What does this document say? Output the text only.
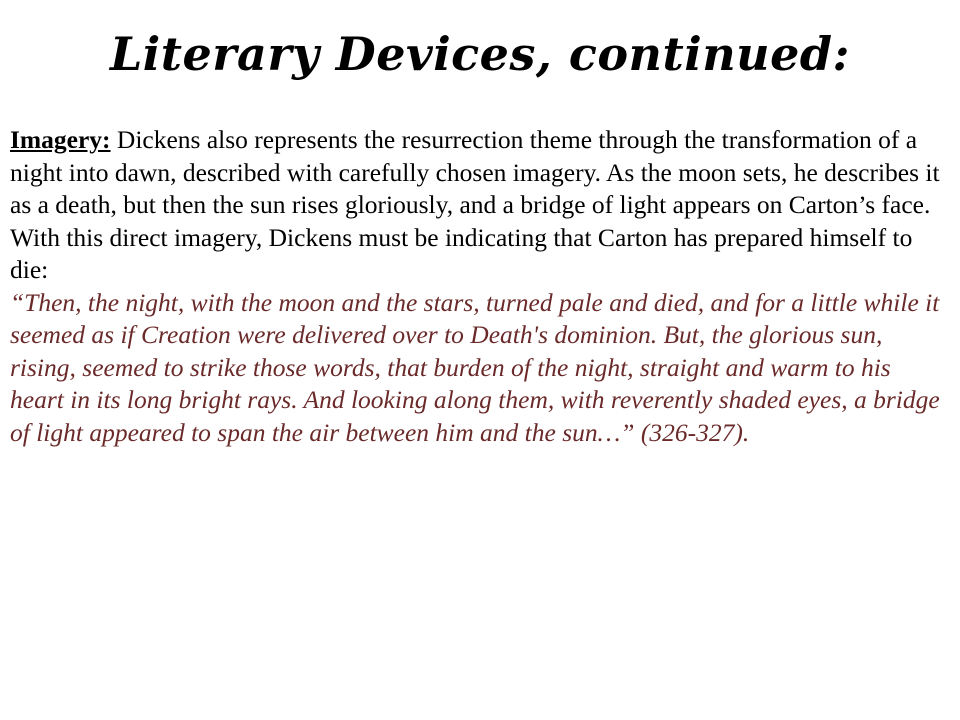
Literary Devices, continued:

Imagery: Dickens also represents the resurrection theme through the transformation of a night into dawn, described with carefully chosen imagery. As the moon sets, he describes it as a death, but then the sun rises gloriously, and a bridge of light appears on Carton’s face. With this direct imagery, Dickens must be indicating that Carton has prepared himself to die:

“Then, the night, with the moon and the stars, turned pale and died, and for a little while it seemed as if Creation were delivered over to Death's dominion. But, the glorious sun, rising, seemed to strike those words, that burden of the night, straight and warm to his heart in its long bright rays. And looking along them, with reverently shaded eyes, a bridge of light appeared to span the air between him and the sun…” (326-327).
